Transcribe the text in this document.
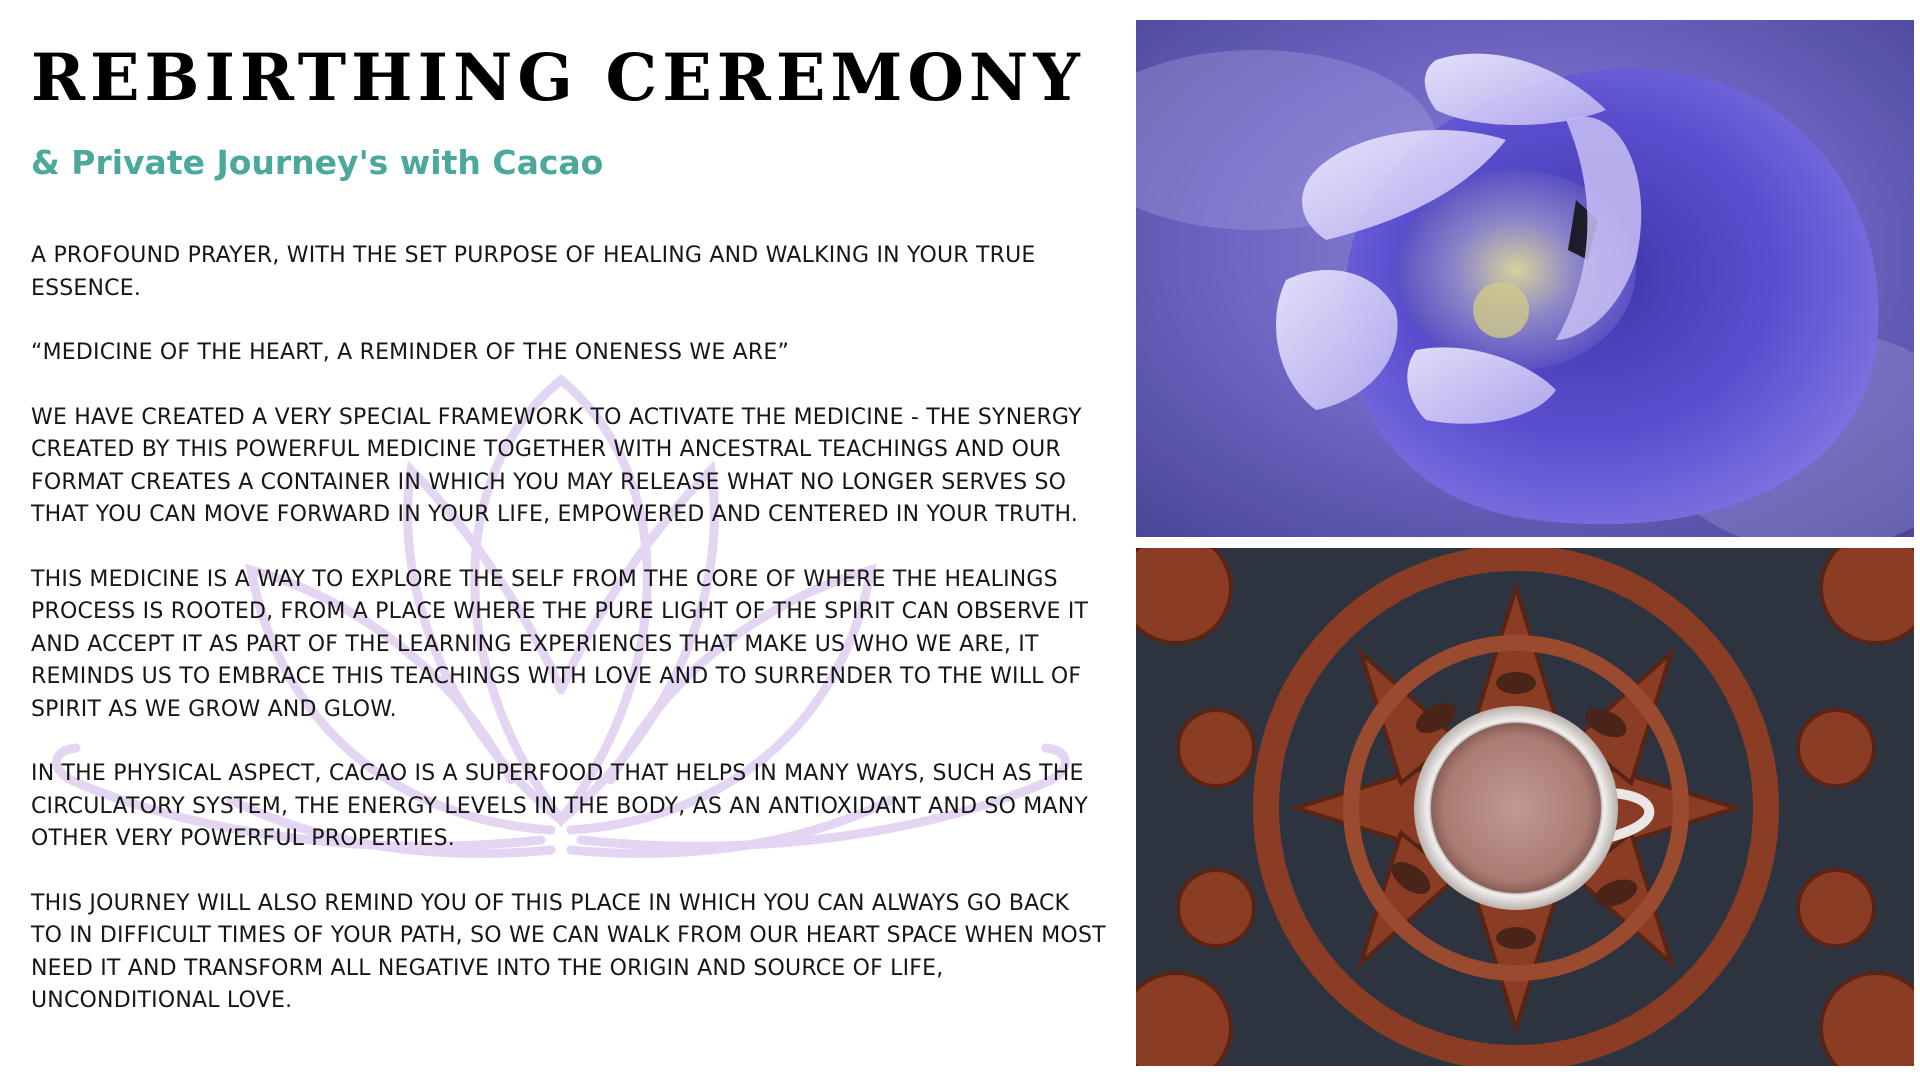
REBIRTHING CEREMONY
& Private Journey's with Cacao

A PROFOUND PRAYER, WITH THE SET PURPOSE OF HEALING AND WALKING IN YOUR TRUE ESSENCE.

“MEDICINE OF THE HEART, A REMINDER OF THE ONENESS WE ARE”

WE HAVE CREATED A VERY SPECIAL FRAMEWORK TO ACTIVATE THE MEDICINE - THE SYNERGY CREATED BY THIS POWERFUL MEDICINE TOGETHER WITH ANCESTRAL TEACHINGS AND OUR FORMAT CREATES A CONTAINER IN WHICH YOU MAY RELEASE WHAT NO LONGER SERVES SO THAT YOU CAN MOVE FORWARD IN YOUR LIFE, EMPOWERED AND CENTERED IN YOUR TRUTH.

THIS MEDICINE IS A WAY TO EXPLORE THE SELF FROM THE CORE OF WHERE THE HEALINGS PROCESS IS ROOTED, FROM A PLACE WHERE THE PURE LIGHT OF THE SPIRIT CAN OBSERVE IT AND ACCEPT IT AS PART OF THE LEARNING EXPERIENCES THAT MAKE US WHO WE ARE, IT REMINDS US TO EMBRACE THIS TEACHINGS WITH LOVE AND TO SURRENDER TO THE WILL OF SPIRIT AS WE GROW AND GLOW.

IN THE PHYSICAL ASPECT, CACAO IS A SUPERFOOD THAT HELPS IN MANY WAYS, SUCH AS THE CIRCULATORY SYSTEM, THE ENERGY LEVELS IN THE BODY, AS AN ANTIOXIDANT AND SO MANY OTHER VERY POWERFUL PROPERTIES.

THIS JOURNEY WILL ALSO REMIND YOU OF THIS PLACE IN WHICH YOU CAN ALWAYS GO BACK TO IN DIFFICULT TIMES OF YOUR PATH, SO WE CAN WALK FROM OUR HEART SPACE WHEN MOST NEED IT AND TRANSFORM ALL NEGATIVE INTO THE ORIGIN AND SOURCE OF LIFE, UNCONDITIONAL LOVE.
